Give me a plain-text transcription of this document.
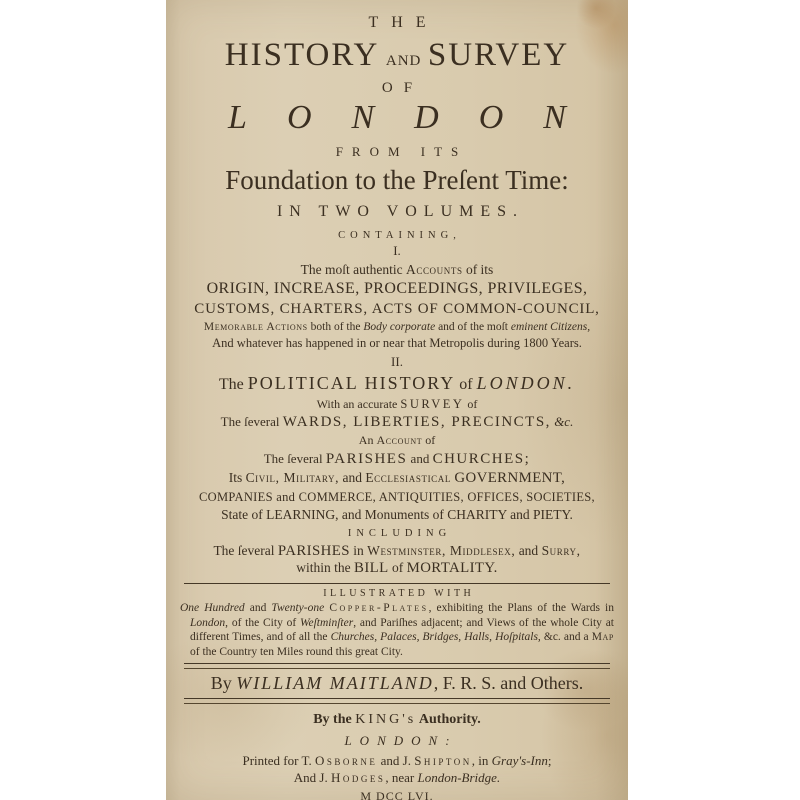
THE
HISTORY and SURVEY
OF
LONDON
FROM ITS
Foundation to the Preſent Time:
IN TWO VOLUMES.
CONTAINING,
I.
The moſt authentic Accounts of its
ORIGIN, INCREASE, PROCEEDINGS, PRIVILEGES,
CUSTOMS, CHARTERS, ACTS OF COMMON-COUNCIL,
Memorable Actions both of the Body corporate and of the moſt eminent Citizens,
And whatever has happened in or near that Metropolis during 1800 Years.
II.
The POLITICAL HISTORY of LONDON.
With an accurate SURVEY of
The ſeveral WARDS, LIBERTIES, PRECINCTS, &c.
An Account of
The ſeveral PARISHES and CHURCHES;
Its Civil, Military, and Ecclesiastical GOVERNMENT,
COMPANIES and COMMERCE, ANTIQUITIES, OFFICES, SOCIETIES,
State of LEARNING, and Monuments of CHARITY and PIETY.
INCLUDING
The ſeveral PARISHES in Westminster, Middlesex, and Surry,
within the BILL of MORTALITY.
ILLUSTRATED WITH
One Hundred and Twenty-one Copper-Plates, exhibiting the Plans of the Wards in London, of the City of Weſtminſter, and Pariſhes adjacent; and Views of the whole City at different Times, and of all the Churches, Palaces, Bridges, Halls, Hoſpitals, &c. and a Map of the Country ten Miles round this great City.
By WILLIAM MAITLAND, F. R. S. and Others.
By the KING's Authority.
LONDON:
Printed for T. Osborne and J. Shipton, in Gray's-Inn;
And J. Hodges, near London-Bridge.
M DCC LVI.
